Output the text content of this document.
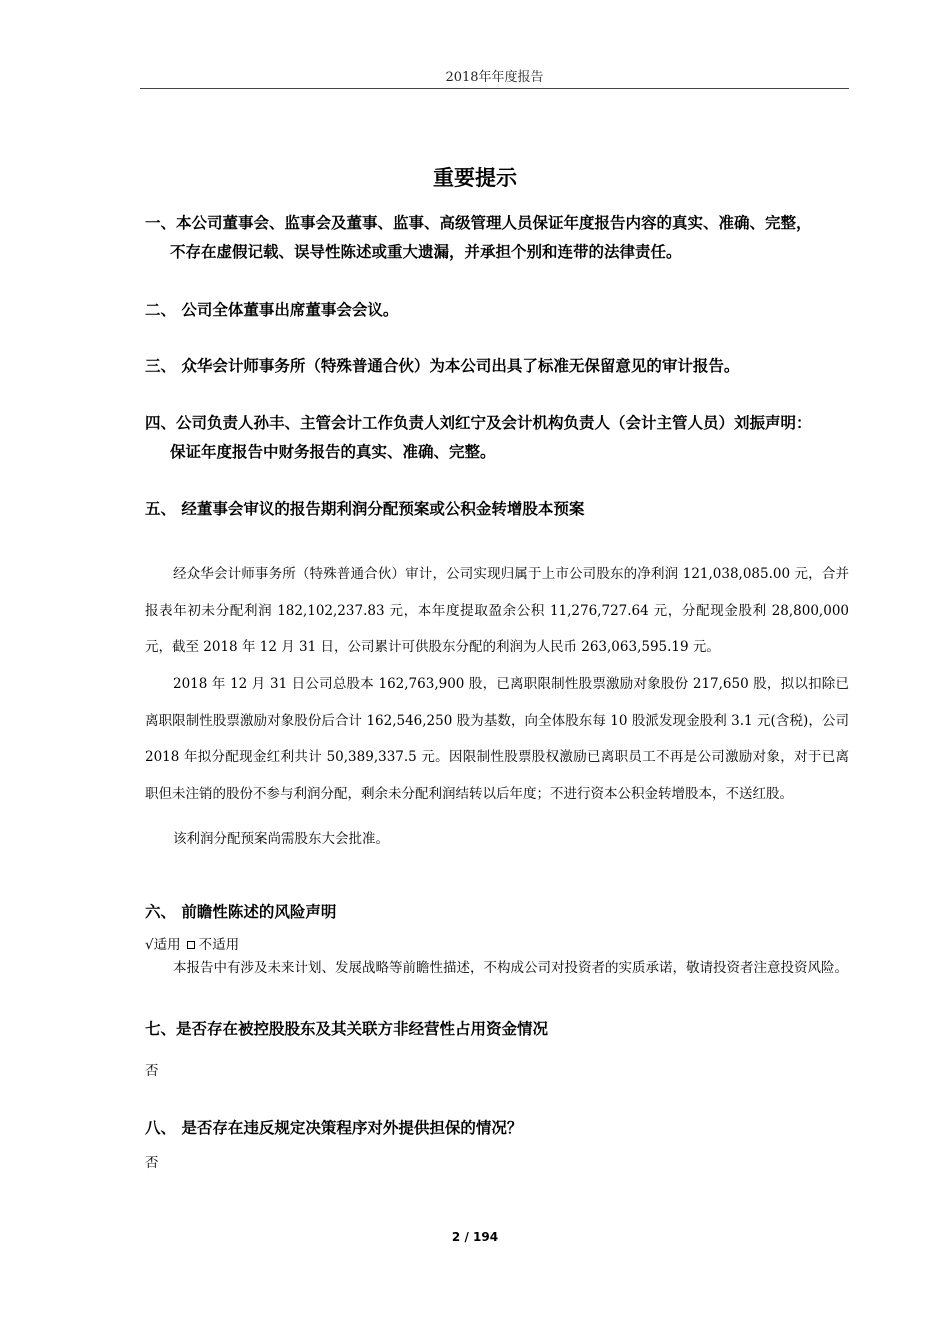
2018年年度报告
重要提示
一、本公司董事会、监事会及董事、监事、高级管理人员保证年度报告内容的真实、准确、完整，
不存在虚假记载、误导性陈述或重大遗漏，并承担个别和连带的法律责任。
二、 公司全体董事出席董事会会议。
三、 众华会计师事务所（特殊普通合伙）为本公司出具了标准无保留意见的审计报告。
四、公司负责人孙丰、主管会计工作负责人刘红宁及会计机构负责人（会计主管人员）刘振声明：
保证年度报告中财务报告的真实、准确、完整。
五、 经董事会审议的报告期利润分配预案或公积金转增股本预案
经众华会计师事务所（特殊普通合伙）审计，公司实现归属于上市公司股东的净利润 121,038,085.00 元，合并报表年初未分配利润 182,102,237.83 元，本年度提取盈余公积 11,276,727.64 元，分配现金股利 28,800,000 元，截至 2018 年 12 月 31 日，公司累计可供股东分配的利润为人民币 263,063,595.19 元。
2018 年 12 月 31 日公司总股本 162,763,900 股，已离职限制性股票激励对象股份 217,650 股，拟以扣除已离职限制性股票激励对象股份后合计 162,546,250 股为基数，向全体股东每 10 股派发现金股利 3.1 元(含税)，公司 2018 年拟分配现金红利共计 50,389,337.5 元。因限制性股票股权激励已离职员工不再是公司激励对象，对于已离职但未注销的股份不参与利润分配，剩余未分配利润结转以后年度；不进行资本公积金转增股本，不送红股。
该利润分配预案尚需股东大会批准。
六、 前瞻性陈述的风险声明
√适用 不适用
本报告中有涉及未来计划、发展战略等前瞻性描述，不构成公司对投资者的实质承诺，敬请投资者注意投资风险。
七、是否存在被控股股东及其关联方非经营性占用资金情况
否
八、 是否存在违反规定决策程序对外提供担保的情况？
否
2 / 194
